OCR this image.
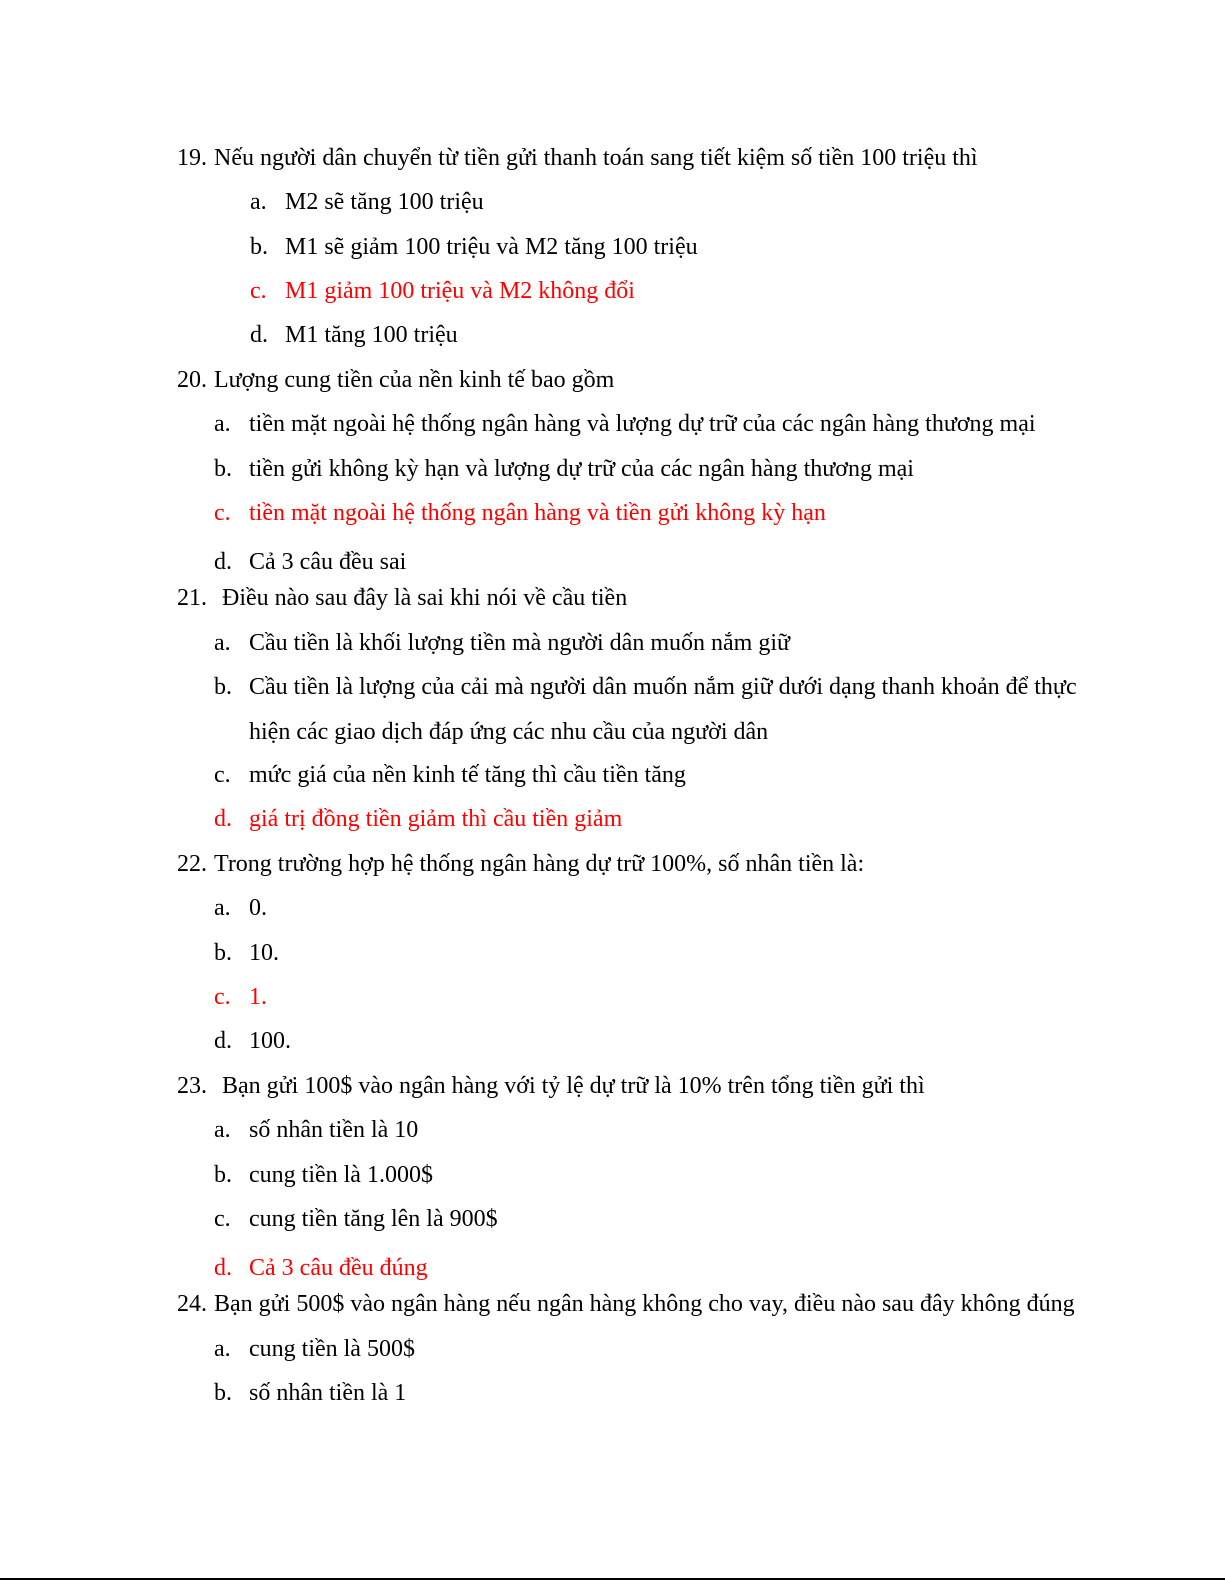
19. Nếu người dân chuyển từ tiền gửi thanh toán sang tiết kiệm số tiền 100 triệu thì
a. M2 sẽ tăng 100 triệu
b. M1 sẽ giảm 100 triệu và M2 tăng 100 triệu
c. M1 giảm 100 triệu và M2 không đổi
d. M1 tăng 100 triệu
20. Lượng cung tiền của nền kinh tế bao gồm
a. tiền mặt ngoài hệ thống ngân hàng và lượng dự trữ của các ngân hàng thương mại
b. tiền gửi không kỳ hạn và lượng dự trữ của các ngân hàng thương mại
c. tiền mặt ngoài hệ thống ngân hàng và tiền gửi không kỳ hạn
d. Cả 3 câu đều sai
21. Điều nào sau đây là sai khi nói về cầu tiền
a. Cầu tiền là khối lượng tiền mà người dân muốn nắm giữ
b. Cầu tiền là lượng của cải mà người dân muốn nắm giữ dưới dạng thanh khoản để thực
hiện các giao dịch đáp ứng các nhu cầu của người dân
c. mức giá của nền kinh tế tăng thì cầu tiền tăng
d. giá trị đồng tiền giảm thì cầu tiền giảm
22. Trong trường hợp hệ thống ngân hàng dự trữ 100%, số nhân tiền là:
a. 0.
b. 10.
c. 1.
d. 100.
23. Bạn gửi 100$ vào ngân hàng với tỷ lệ dự trữ là 10% trên tổng tiền gửi thì
a. số nhân tiền là 10
b. cung tiền là 1.000$
c. cung tiền tăng lên là 900$
d. Cả 3 câu đều đúng
24. Bạn gửi 500$ vào ngân hàng nếu ngân hàng không cho vay, điều nào sau đây không đúng
a. cung tiền là 500$
b. số nhân tiền là 1
